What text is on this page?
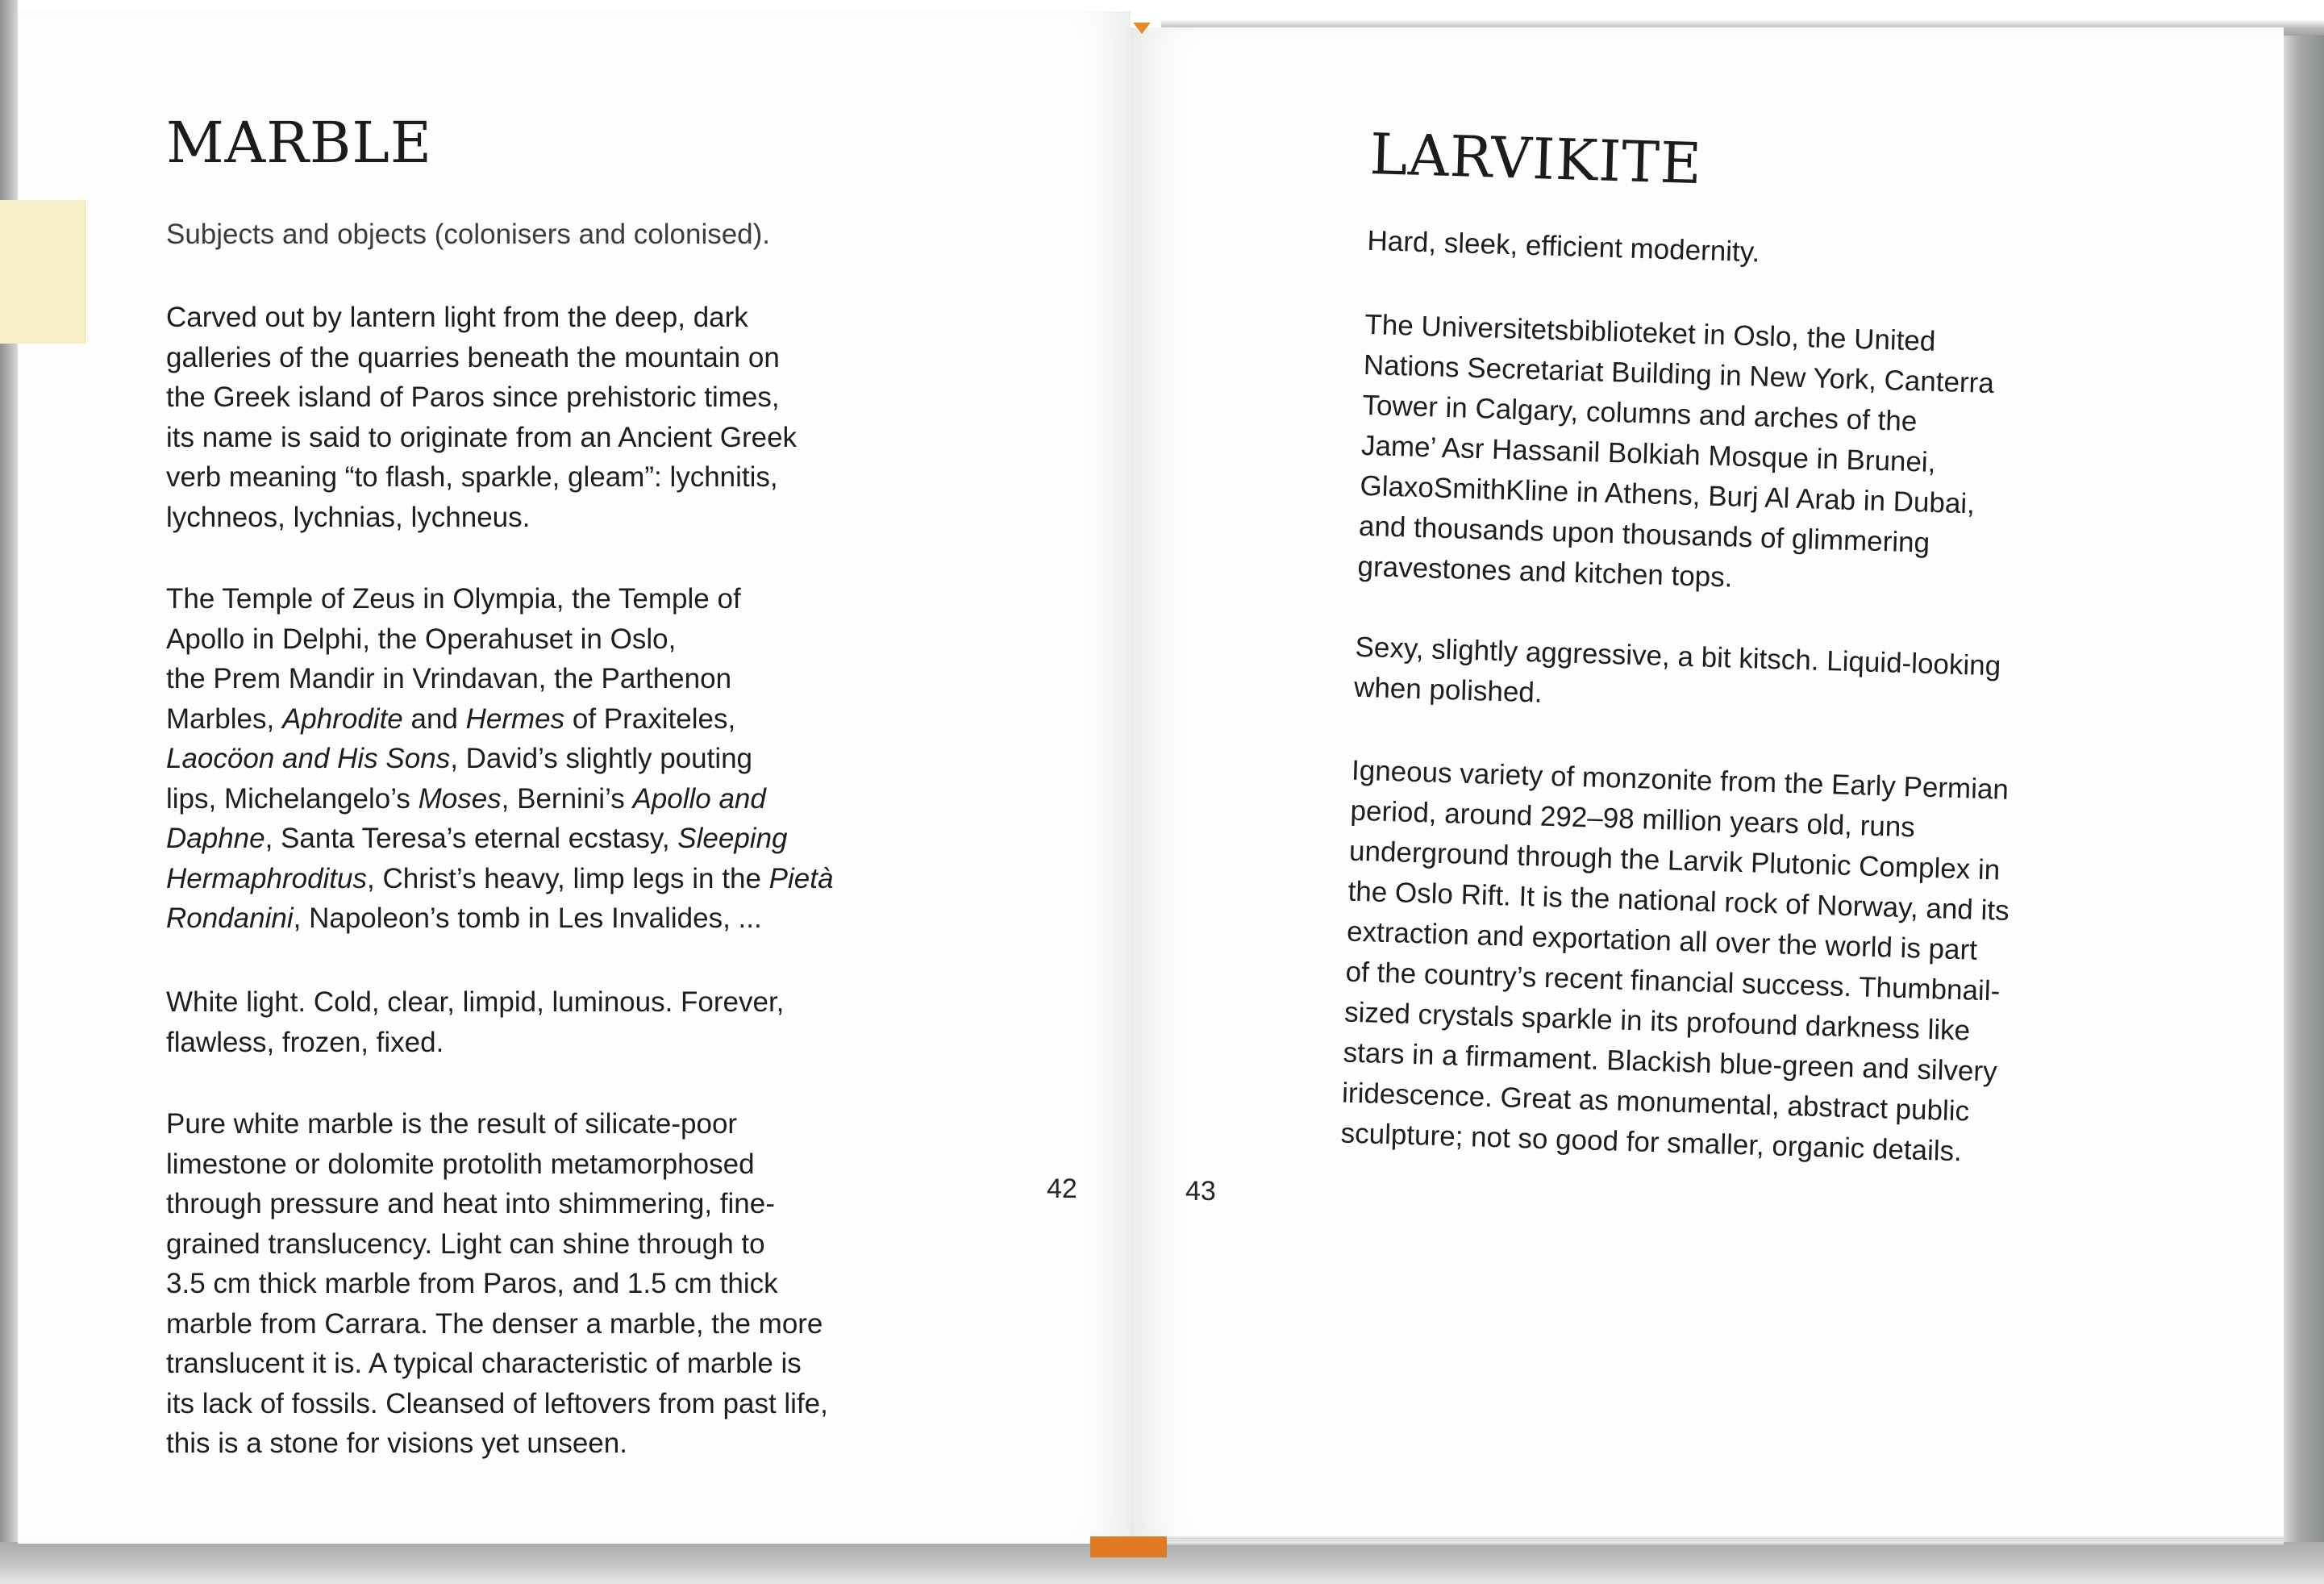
MARBLE

Subjects and objects (colonisers and colonised).

Carved out by lantern light from the deep, dark
galleries of the quarries beneath the mountain on
the Greek island of Paros since prehistoric times,
its name is said to originate from an Ancient Greek
verb meaning “to flash, sparkle, gleam”: lychnitis,
lychneos, lychnias, lychneus.
The Temple of Zeus in Olympia, the Temple of
Apollo in Delphi, the Operahuset in Oslo,
the Prem Mandir in Vrindavan, the Parthenon
Marbles, Aphrodite and Hermes of Praxiteles,
Laocöon and His Sons, David’s slightly pouting
lips, Michelangelo’s Moses, Bernini’s Apollo and
Daphne, Santa Teresa’s eternal ecstasy, Sleeping
Hermaphroditus, Christ’s heavy, limp legs in the Pietà
Rondanini, Napoleon’s tomb in Les Invalides, ...
White light. Cold, clear, limpid, luminous. Forever,
flawless, frozen, fixed.
Pure white marble is the result of silicate-poor
limestone or dolomite protolith metamorphosed
through pressure and heat into shimmering, fine-
grained translucency. Light can shine through to
3.5 cm thick marble from Paros, and 1.5 cm thick
marble from Carrara. The denser a marble, the more
translucent it is. A typical characteristic of marble is
its lack of fossils. Cleansed of leftovers from past life,
this is a stone for visions yet unseen.

42	43

LARVIKITE

Hard, sleek, efficient modernity.

The Universitetsbiblioteket in Oslo, the United
Nations Secretariat Building in New York, Canterra
Tower in Calgary, columns and arches of the
Jame’ Asr Hassanil Bolkiah Mosque in Brunei,
GlaxoSmithKline in Athens, Burj Al Arab in Dubai,
and thousands upon thousands of glimmering
gravestones and kitchen tops.
Sexy, slightly aggressive, a bit kitsch. Liquid-looking
when polished.
Igneous variety of monzonite from the Early Permian
period, around 292–98 million years old, runs
underground through the Larvik Plutonic Complex in
the Oslo Rift. It is the national rock of Norway, and its
extraction and exportation all over the world is part
of the country’s recent financial success. Thumbnail-
sized crystals sparkle in its profound darkness like
stars in a firmament. Blackish blue-green and silvery
iridescence. Great as monumental, abstract public
sculpture; not so good for smaller, organic details.
